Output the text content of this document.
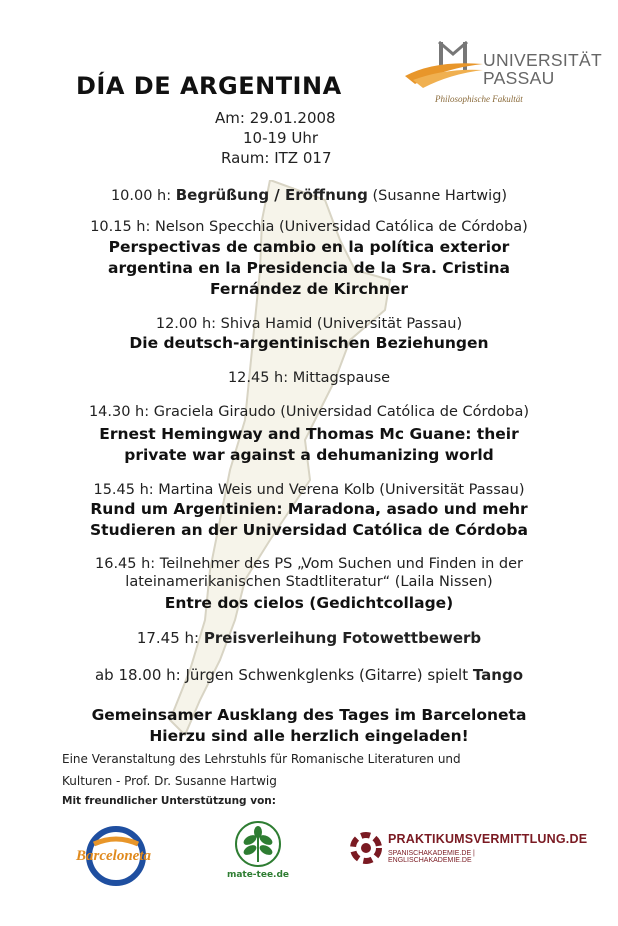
UNIVERSITÄT
PASSAU
Philosophische Fakultät
DÍA DE ARGENTINA
Am: 29.01.2008
10-19 Uhr
Raum: ITZ 017
10.00 h: Begrüßung / Eröffnung (Susanne Hartwig)
10.15 h: Nelson Specchia (Universidad Católica de Córdoba)
Perspectivas de cambio en la política exterior
argentina en la Presidencia de la Sra. Cristina
Fernández de Kirchner
12.00 h: Shiva Hamid (Universität Passau)
Die deutsch-argentinischen Beziehungen
12.45 h: Mittagspause
14.30 h: Graciela Giraudo (Universidad Católica de Córdoba)
Ernest Hemingway and Thomas Mc Guane: their
private war against a dehumanizing world
15.45 h: Martina Weis und Verena Kolb (Universität Passau)
Rund um Argentinien: Maradona, asado und mehr
Studieren an der Universidad Católica de Córdoba
16.45 h: Teilnehmer des PS „Vom Suchen und Finden in der
lateinamerikanischen Stadtliteratur“ (Laila Nissen)
Entre dos cielos (Gedichtcollage)
17.45 h: Preisverleihung Fotowettbewerb
ab 18.00 h: Jürgen Schwenkglenks (Gitarre) spielt Tango
Gemeinsamer Ausklang des Tages im Barceloneta
Hierzu sind alle herzlich eingeladen!
Eine Veranstaltung des Lehrstuhls für Romanische Literaturen und
Kulturen - Prof. Dr. Susanne Hartwig
Mit freundlicher Unterstützung von:
Barceloneta
mate-tee.de
PRAKTIKUMSVERMITTLUNG.DE
SPANISCHAKADEMIE.DE | ENGLISCHAKADEMIE.DE
